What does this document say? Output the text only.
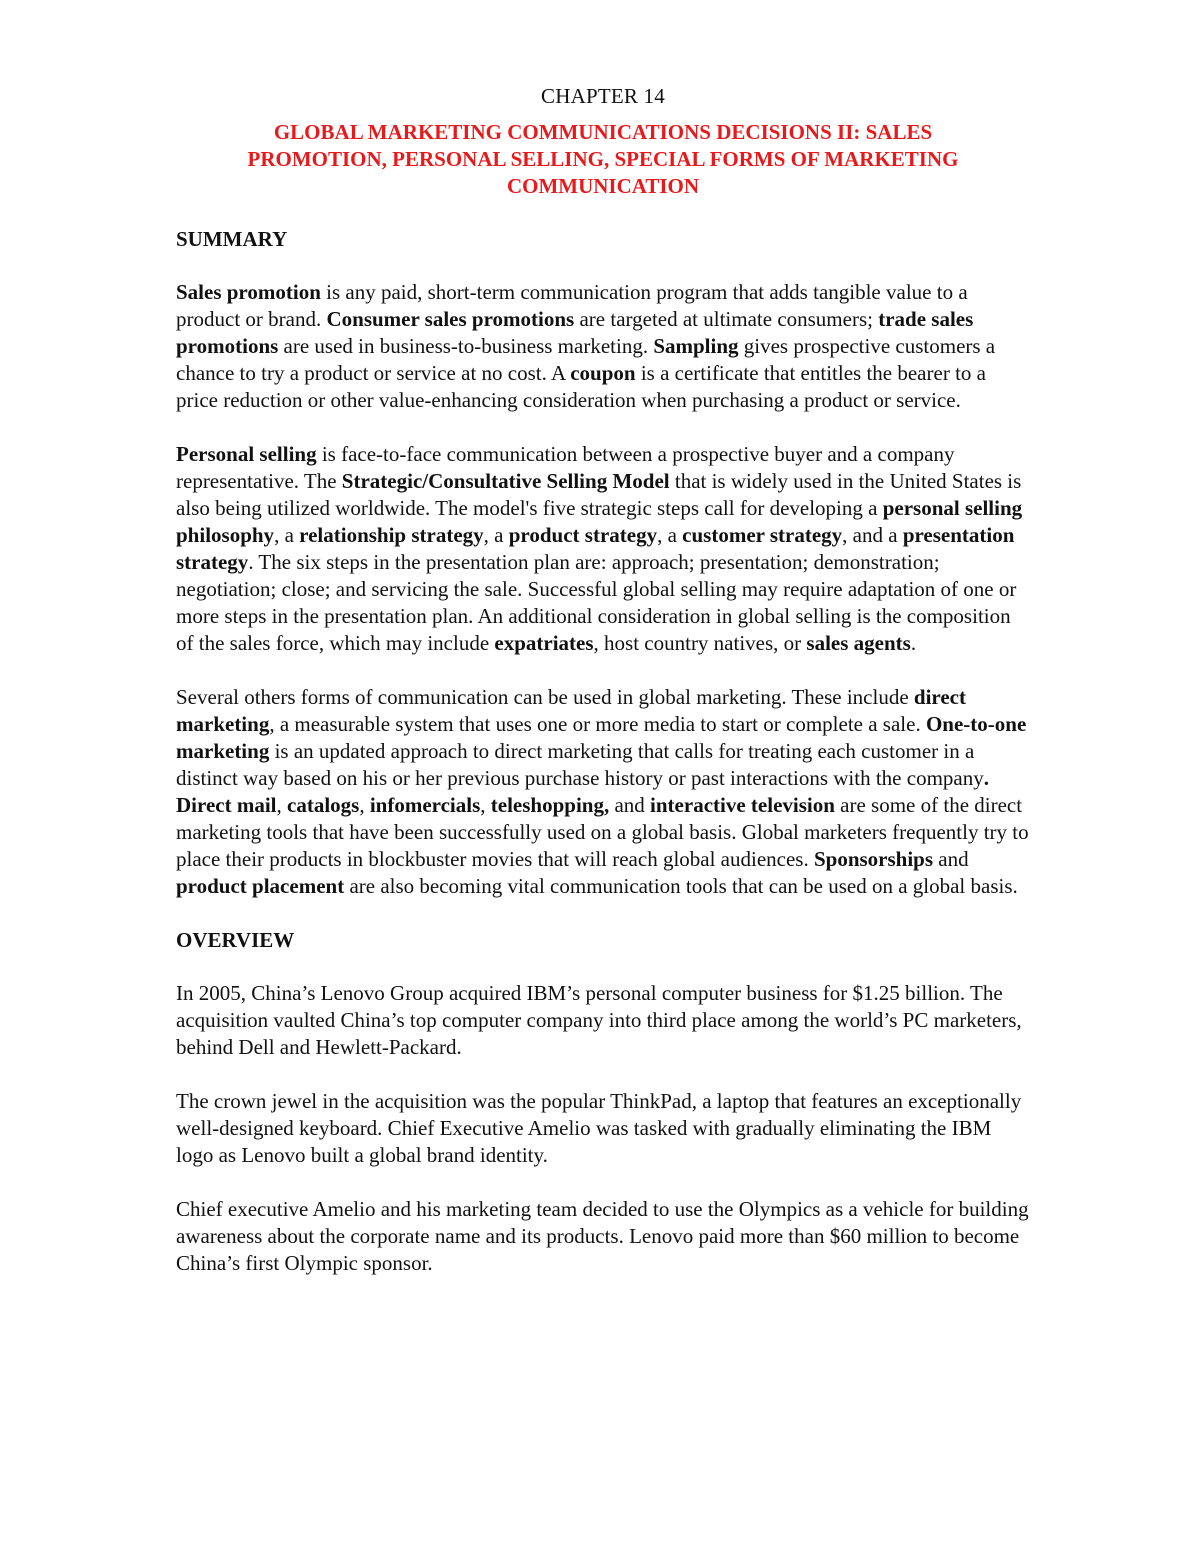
CHAPTER 14
GLOBAL MARKETING COMMUNICATIONS DECISIONS II: SALES
PROMOTION, PERSONAL SELLING, SPECIAL FORMS OF MARKETING
COMMUNICATION
SUMMARY

Sales promotion is any paid, short-term communication program that adds tangible value to a product or brand. Consumer sales promotions are targeted at ultimate consumers; trade sales promotions are used in business-to-business marketing. Sampling gives prospective customers a chance to try a product or service at no cost. A coupon is a certificate that entitles the bearer to a price reduction or other value-enhancing consideration when purchasing a product or service.

Personal selling is face-to-face communication between a prospective buyer and a company representative. The Strategic/Consultative Selling Model that is widely used in the United States is also being utilized worldwide. The model's five strategic steps call for developing a personal selling philosophy, a relationship strategy, a product strategy, a customer strategy, and a presentation strategy. The six steps in the presentation plan are: approach; presentation; demonstration; negotiation; close; and servicing the sale. Successful global selling may require adaptation of one or more steps in the presentation plan. An additional consideration in global selling is the composition of the sales force, which may include expatriates, host country natives, or sales agents.

Several others forms of communication can be used in global marketing. These include direct marketing, a measurable system that uses one or more media to start or complete a sale. One-to-one marketing is an updated approach to direct marketing that calls for treating each customer in a distinct way based on his or her previous purchase history or past interactions with the company. Direct mail, catalogs, infomercials, teleshopping, and interactive television are some of the direct marketing tools that have been successfully used on a global basis. Global marketers frequently try to place their products in blockbuster movies that will reach global audiences. Sponsorships and product placement are also becoming vital communication tools that can be used on a global basis.

OVERVIEW

In 2005, China’s Lenovo Group acquired IBM’s personal computer business for $1.25 billion. The acquisition vaulted China’s top computer company into third place among the world’s PC marketers, behind Dell and Hewlett-Packard.

The crown jewel in the acquisition was the popular ThinkPad, a laptop that features an exceptionally well-designed keyboard. Chief Executive Amelio was tasked with gradually eliminating the IBM logo as Lenovo built a global brand identity.

Chief executive Amelio and his marketing team decided to use the Olympics as a vehicle for building awareness about the corporate name and its products. Lenovo paid more than $60 million to become China’s first Olympic sponsor.
